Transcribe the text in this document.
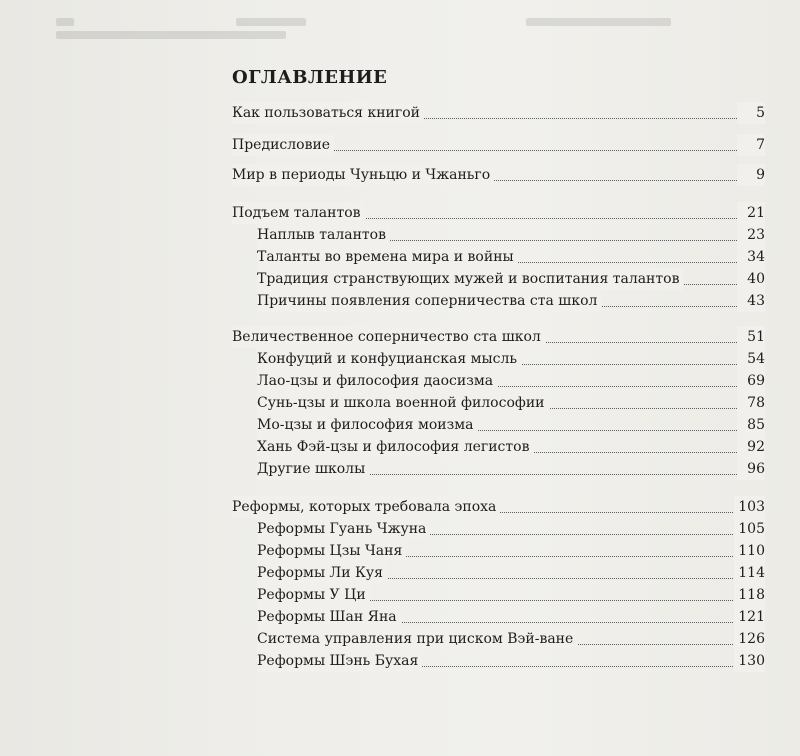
ОГЛАВЛЕНИЕ
Как пользоваться книгой	5
Предисловие	7
Мир в периоды Чуньцю и Чжаньго	9
Подъем талантов	21
Наплыв талантов	23
Таланты во времена мира и войны	34
Традиция странствующих мужей и воспитания талантов	40
Причины появления соперничества ста школ	43
Величественное соперничество ста школ	51
Конфуций и конфуцианская мысль	54
Лао-цзы и философия даосизма	69
Сунь-цзы и школа военной философии	78
Мо-цзы и философия моизма	85
Хань Фэй-цзы и философия легистов	92
Другие школы	96
Реформы, которых требовала эпоха	103
Реформы Гуань Чжуна	105
Реформы Цзы Чаня	110
Реформы Ли Куя	114
Реформы У Ци	118
Реформы Шан Яна	121
Система управления при циском Вэй-ване	126
Реформы Шэнь Бухая	130
